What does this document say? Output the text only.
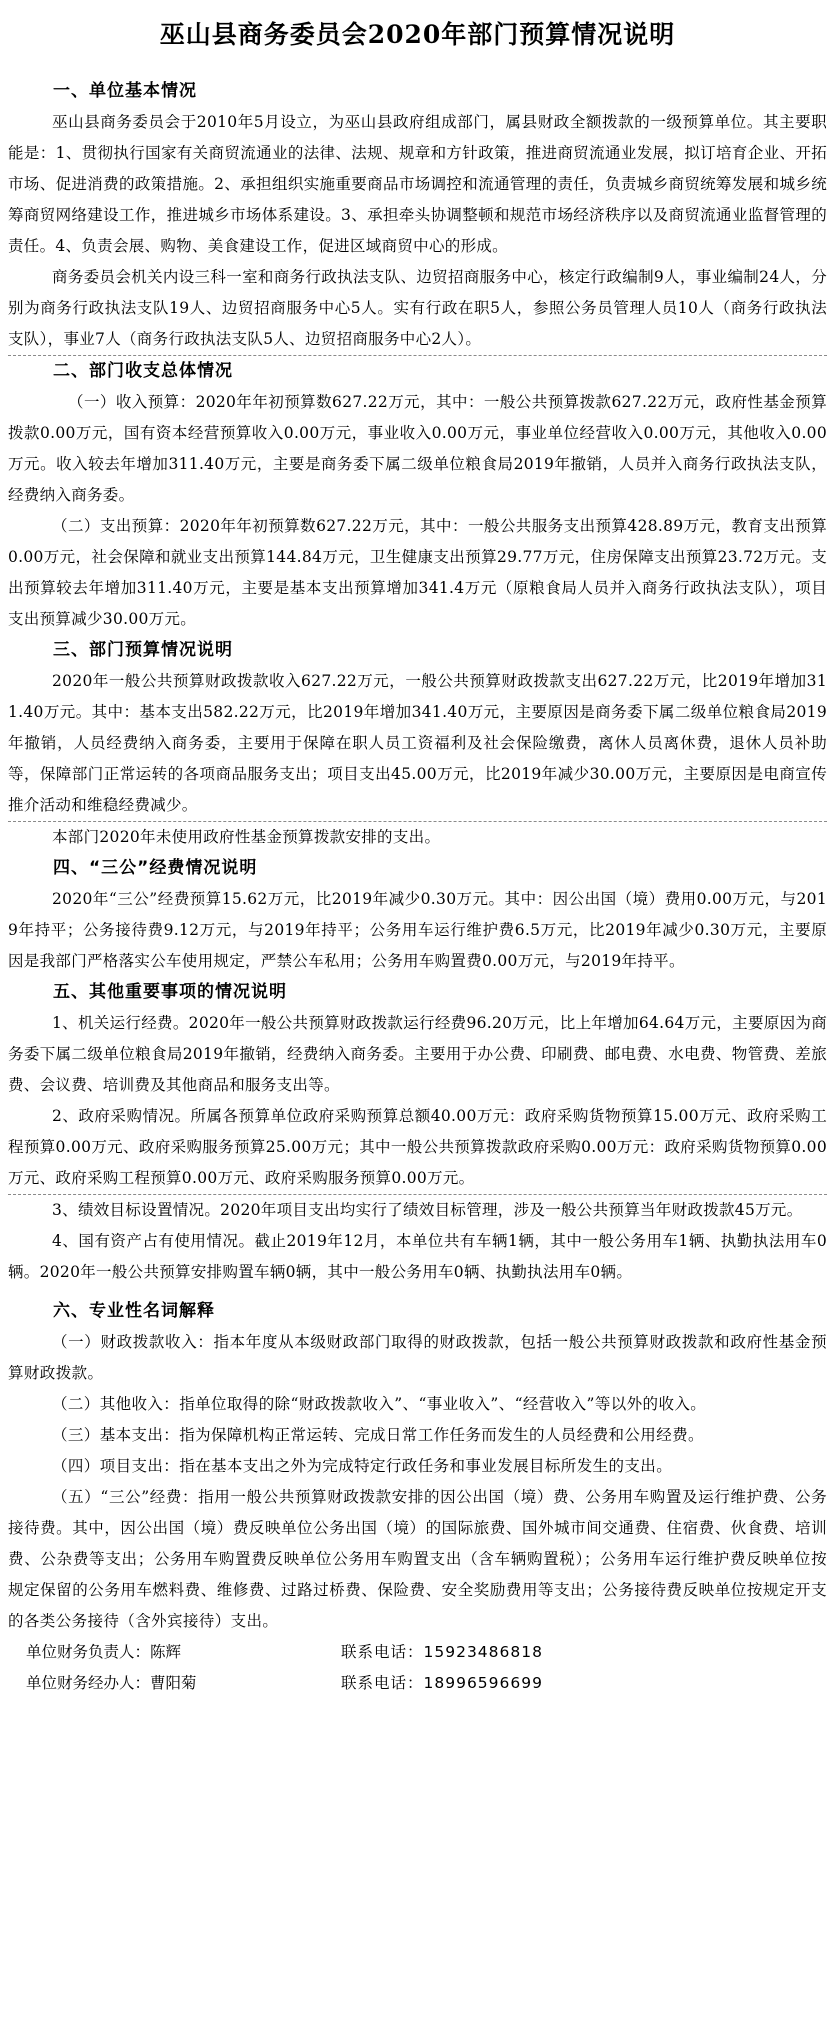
巫山县商务委员会2020年部门预算情况说明
一、单位基本情况

巫山县商务委员会于2010年5月设立，为巫山县政府组成部门，属县财政全额拨款的一级预算单位。其主要职能是：1、贯彻执行国家有关商贸流通业的法律、法规、规章和方针政策，推进商贸流通业发展，拟订培育企业、开拓市场、促进消费的政策措施。2、承担组织实施重要商品市场调控和流通管理的责任，负责城乡商贸统筹发展和城乡统筹商贸网络建设工作，推进城乡市场体系建设。3、承担牵头协调整顿和规范市场经济秩序以及商贸流通业监督管理的责任。4、负责会展、购物、美食建设工作，促进区域商贸中心的形成。

商务委员会机关内设三科一室和商务行政执法支队、边贸招商服务中心，核定行政编制9人，事业编制24人，分别为商务行政执法支队19人、边贸招商服务中心5人。实有行政在职5人，参照公务员管理人员10人（商务行政执法支队），事业7人（商务行政执法支队5人、边贸招商服务中心2人）。

二、部门收支总体情况

（一）收入预算：2020年年初预算数627.22万元，其中：一般公共预算拨款627.22万元，政府性基金预算拨款0.00万元，国有资本经营预算收入0.00万元，事业收入0.00万元，事业单位经营收入0.00万元，其他收入0.00万元。收入较去年增加311.40万元，主要是商务委下属二级单位粮食局2019年撤销，人员并入商务行政执法支队，经费纳入商务委。

（二）支出预算：2020年年初预算数627.22万元，其中：一般公共服务支出预算428.89万元，教育支出预算0.00万元，社会保障和就业支出预算144.84万元，卫生健康支出预算29.77万元，住房保障支出预算23.72万元。支出预算较去年增加311.40万元，主要是基本支出预算增加341.4万元（原粮食局人员并入商务行政执法支队），项目支出预算减少30.00万元。

三、部门预算情况说明

2020年一般公共预算财政拨款收入627.22万元，一般公共预算财政拨款支出627.22万元，比2019年增加311.40万元。其中：基本支出582.22万元，比2019年增加341.40万元，主要原因是商务委下属二级单位粮食局2019年撤销，人员经费纳入商务委，主要用于保障在职人员工资福利及社会保险缴费，离休人员离休费，退休人员补助等，保障部门正常运转的各项商品服务支出；项目支出45.00万元，比2019年减少30.00万元，主要原因是电商宣传推介活动和维稳经费减少。

本部门2020年未使用政府性基金预算拨款安排的支出。

四、“三公”经费情况说明

2020年“三公”经费预算15.62万元，比2019年减少0.30万元。其中：因公出国（境）费用0.00万元，与2019年持平；公务接待费9.12万元，与2019年持平；公务用车运行维护费6.5万元，比2019年减少0.30万元，主要原因是我部门严格落实公车使用规定，严禁公车私用；公务用车购置费0.00万元，与2019年持平。

五、其他重要事项的情况说明

1、机关运行经费。2020年一般公共预算财政拨款运行经费96.20万元，比上年增加64.64万元，主要原因为商务委下属二级单位粮食局2019年撤销，经费纳入商务委。主要用于办公费、印刷费、邮电费、水电费、物管费、差旅费、会议费、培训费及其他商品和服务支出等。

2、政府采购情况。所属各预算单位政府采购预算总额40.00万元：政府采购货物预算15.00万元、政府采购工程预算0.00万元、政府采购服务预算25.00万元；其中一般公共预算拨款政府采购0.00万元：政府采购货物预算0.00万元、政府采购工程预算0.00万元、政府采购服务预算0.00万元。

3、绩效目标设置情况。2020年项目支出均实行了绩效目标管理，涉及一般公共预算当年财政拨款45万元。

4、国有资产占有使用情况。截止2019年12月，本单位共有车辆1辆，其中一般公务用车1辆、执勤执法用车0辆。2020年一般公共预算安排购置车辆0辆，其中一般公务用车0辆、执勤执法用车0辆。

六、专业性名词解释

（一）财政拨款收入：指本年度从本级财政部门取得的财政拨款，包括一般公共预算财政拨款和政府性基金预算财政拨款。

（二）其他收入：指单位取得的除“财政拨款收入”、“事业收入”、“经营收入”等以外的收入。

（三）基本支出：指为保障机构正常运转、完成日常工作任务而发生的人员经费和公用经费。

（四）项目支出：指在基本支出之外为完成特定行政任务和事业发展目标所发生的支出。

（五）“三公”经费：指用一般公共预算财政拨款安排的因公出国（境）费、公务用车购置及运行维护费、公务接待费。其中，因公出国（境）费反映单位公务出国（境）的国际旅费、国外城市间交通费、住宿费、伙食费、培训费、公杂费等支出；公务用车购置费反映单位公务用车购置支出（含车辆购置税）；公务用车运行维护费反映单位按规定保留的公务用车燃料费、维修费、过路过桥费、保险费、安全奖励费用等支出；公务接待费反映单位按规定开支的各类公务接待（含外宾接待）支出。

单位财务负责人：陈辉	联系电话：15923486818
单位财务经办人：曹阳菊	联系电话：18996596699
